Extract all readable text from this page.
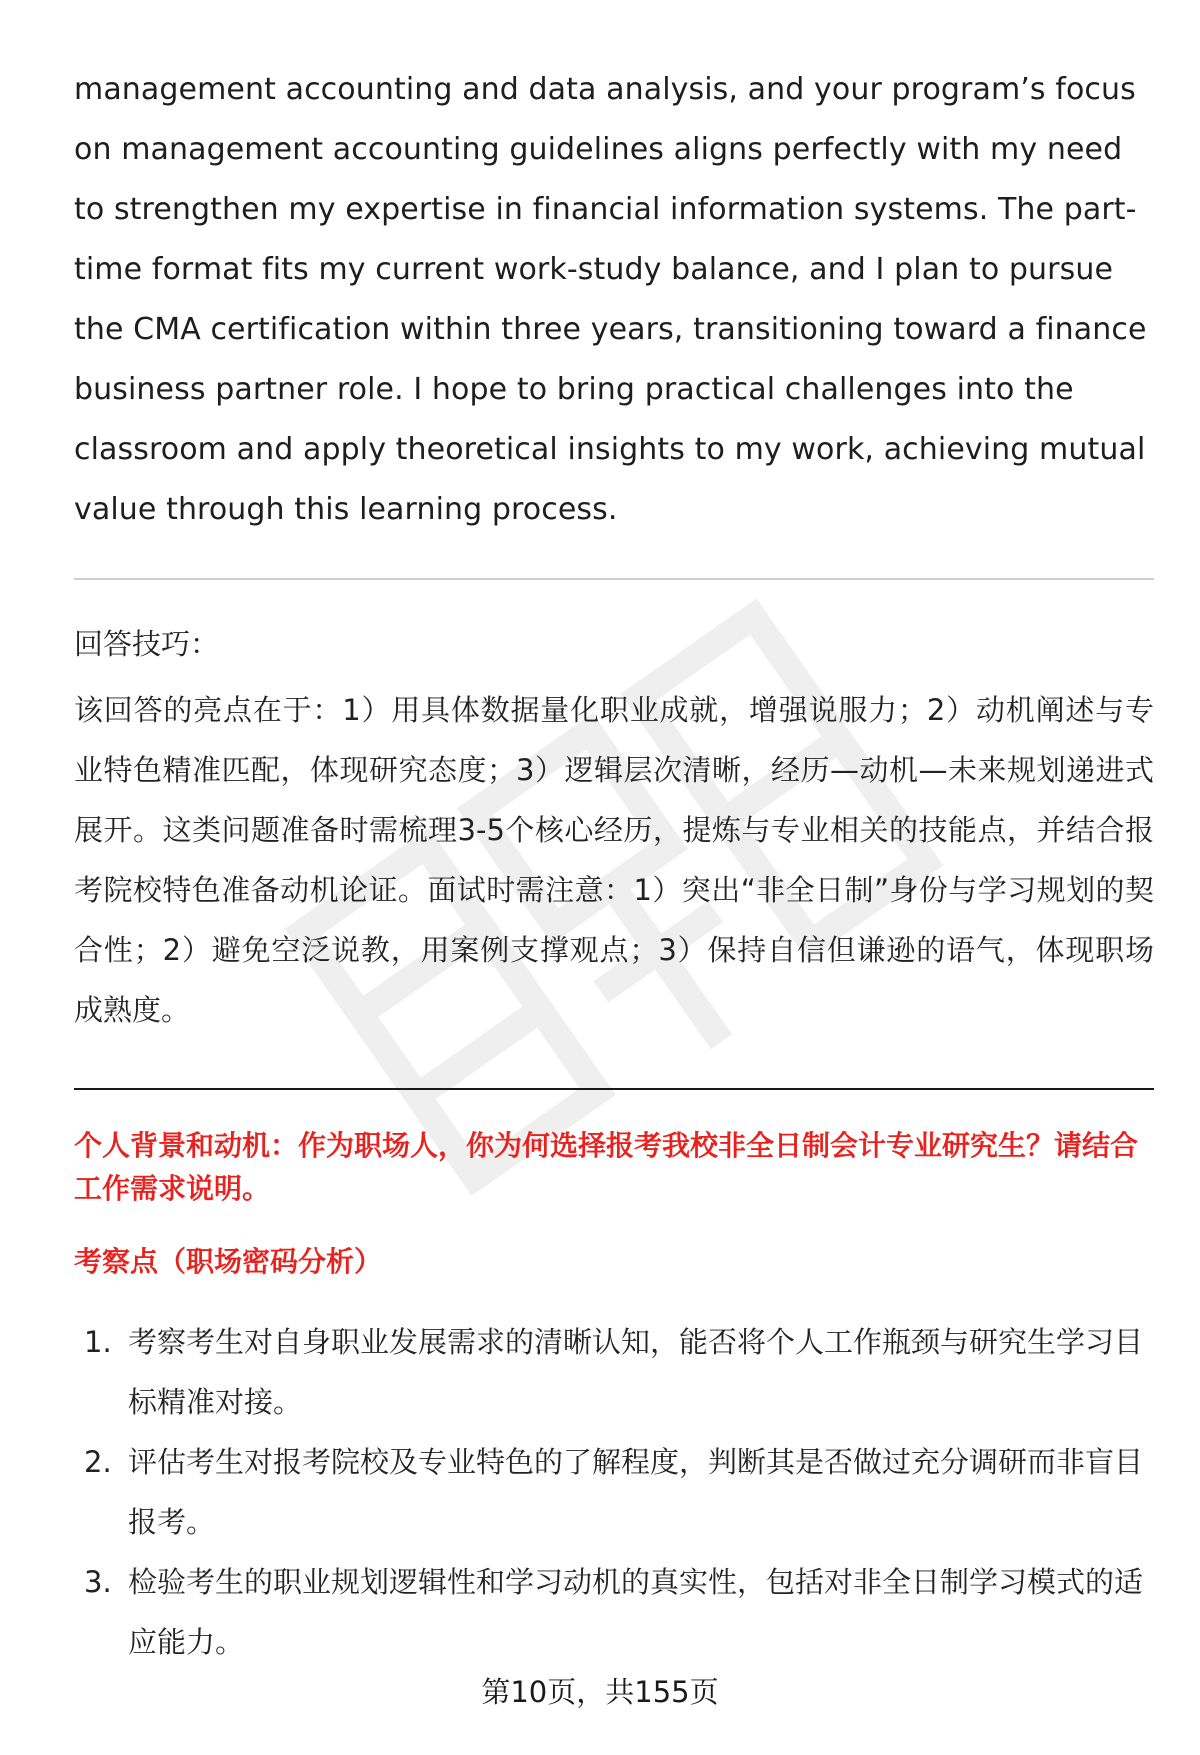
management accounting and data analysis, and your program’s focus on management accounting guidelines aligns perfectly with my need to strengthen my expertise in financial information systems. The part-time format fits my current work-study balance, and I plan to pursue the CMA certification within three years, transitioning toward a finance business partner role. I hope to bring practical challenges into the classroom and apply theoretical insights to my work, achieving mutual value through this learning process.

回答技巧：

该回答的亮点在于：1）用具体数据量化职业成就，增强说服力；2）动机阐述与专业特色精准匹配，体现研究态度；3）逻辑层次清晰，经历—动机—未来规划递进式展开。这类问题准备时需梳理3-5个核心经历，提炼与专业相关的技能点，并结合报考院校特色准备动机论证。面试时需注意：1）突出“非全日制”身份与学习规划的契合性；2）避免空泛说教，用案例支撑观点；3）保持自信但谦逊的语气，体现职场成熟度。

个人背景和动机：作为职场人，你为何选择报考我校非全日制会计专业研究生？请结合工作需求说明。

考察点（职场密码分析）

1. 考察考生对自身职业发展需求的清晰认知，能否将个人工作瓶颈与研究生学习目标精准对接。
2. 评估考生对报考院校及专业特色的了解程度，判断其是否做过充分调研而非盲目报考。
3. 检验考生的职业规划逻辑性和学习动机的真实性，包括对非全日制学习模式的适应能力。
第10页，共155页
